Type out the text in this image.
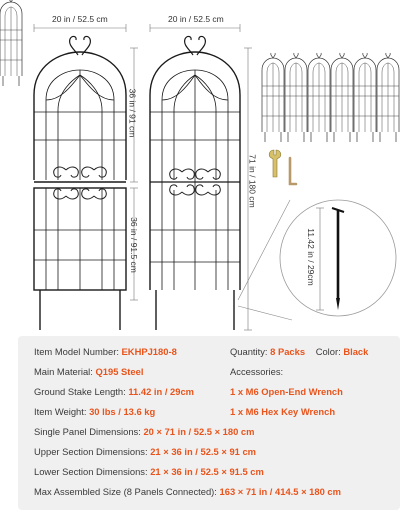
20 in / 52.5 cm	20 in / 52.5 cm
36 in / 91 cm
36 in / 91.5 cm
71 in / 180 cm
11.42 in / 29cm
Item Model Number: EKHPJ180-8	Quantity: 8 Packs Color: Black
Main Material: Q195 Steel	Accessories:
Ground Stake Length: 11.42 in / 29cm	1 x M6 Open-End Wrench
Item Weight: 30 lbs / 13.6 kg	1 x M6 Hex Key Wrench
Single Panel Dimensions: 20 × 71 in / 52.5 × 180 cm
Upper Section Dimensions: 21 × 36 in / 52.5 × 91 cm
Lower Section Dimensions: 21 × 36 in / 52.5 × 91.5 cm
Max Assembled Size (8 Panels Connected): 163 × 71 in / 414.5 × 180 cm
